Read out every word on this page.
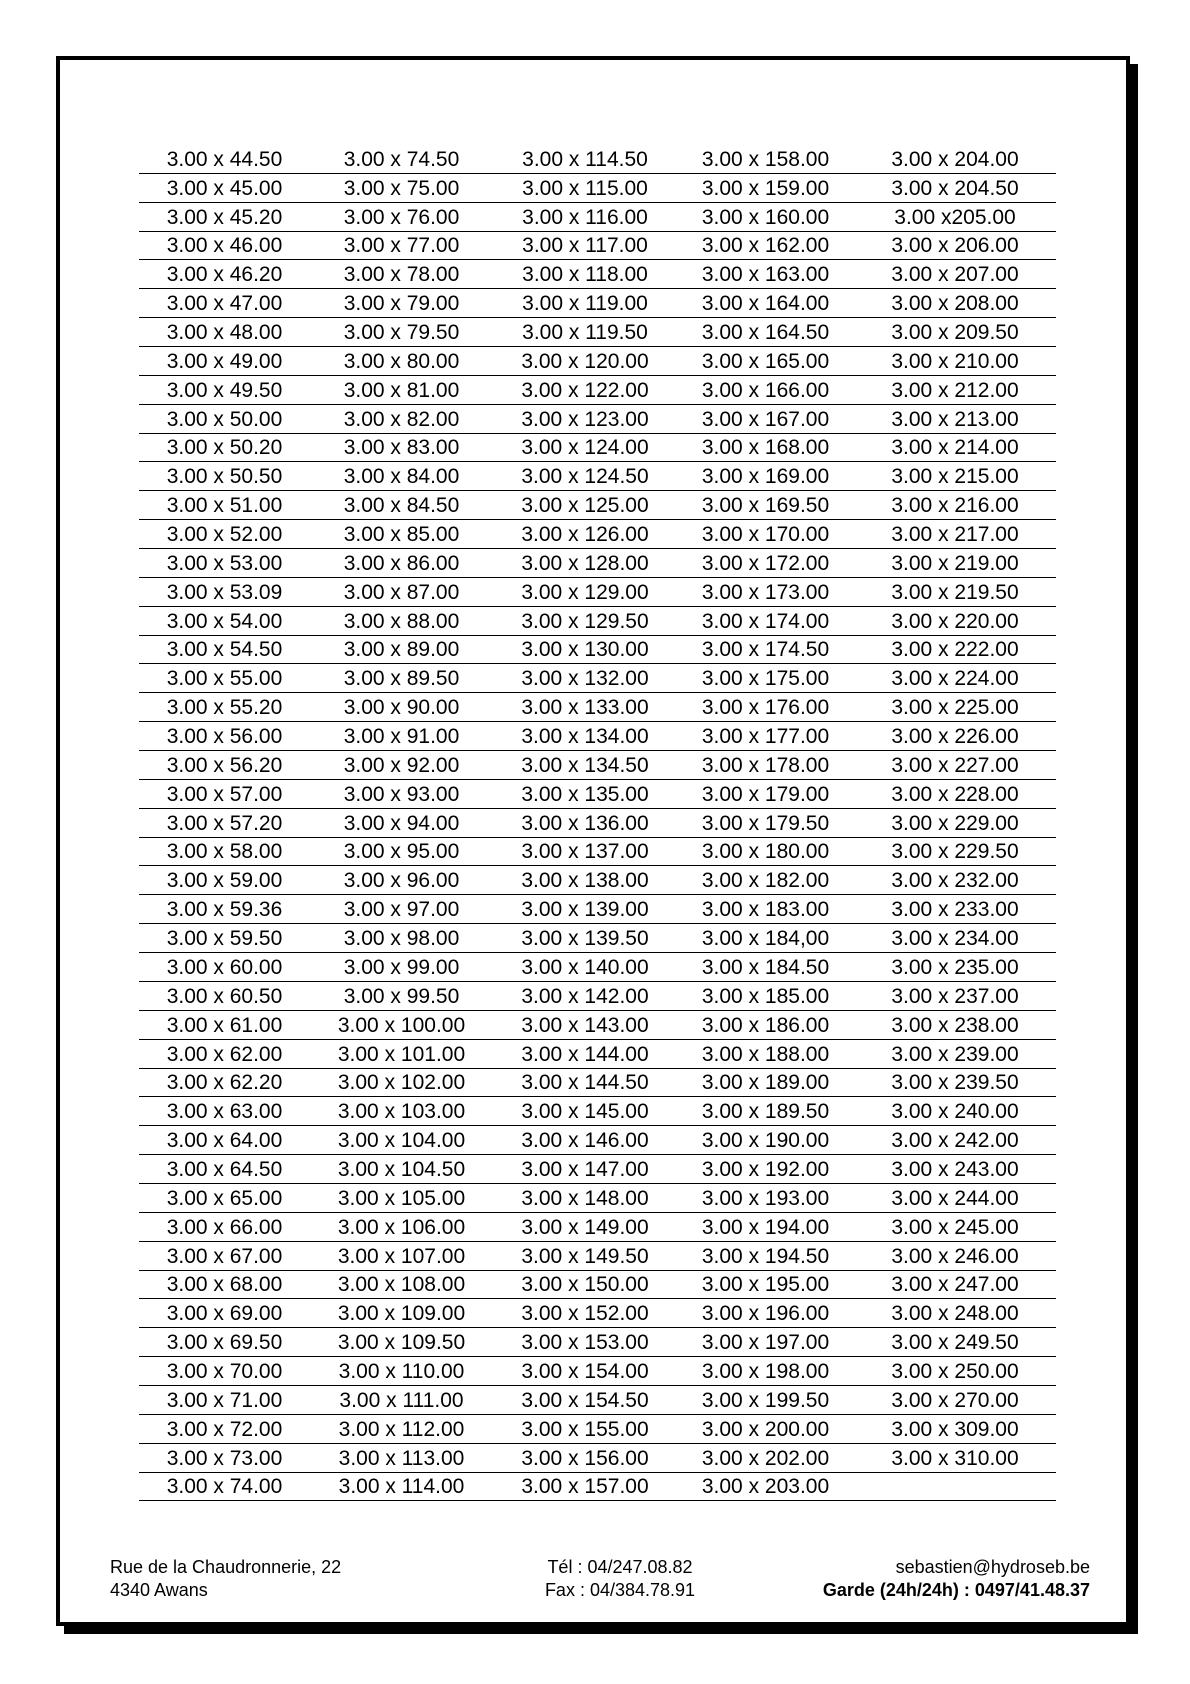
3.00 x 44.50	3.00 x 74.50	3.00 x 114.50	3.00 x 158.00	3.00 x 204.00
3.00 x 45.00	3.00 x 75.00	3.00 x 115.00	3.00 x 159.00	3.00 x 204.50
3.00 x 45.20	3.00 x 76.00	3.00 x 116.00	3.00 x 160.00	3.00 x205.00
3.00 x 46.00	3.00 x 77.00	3.00 x 117.00	3.00 x 162.00	3.00 x 206.00
3.00 x 46.20	3.00 x 78.00	3.00 x 118.00	3.00 x 163.00	3.00 x 207.00
3.00 x 47.00	3.00 x 79.00	3.00 x 119.00	3.00 x 164.00	3.00 x 208.00
3.00 x 48.00	3.00 x 79.50	3.00 x 119.50	3.00 x 164.50	3.00 x 209.50
3.00 x 49.00	3.00 x 80.00	3.00 x 120.00	3.00 x 165.00	3.00 x 210.00
3.00 x 49.50	3.00 x 81.00	3.00 x 122.00	3.00 x 166.00	3.00 x 212.00
3.00 x 50.00	3.00 x 82.00	3.00 x 123.00	3.00 x 167.00	3.00 x 213.00
3.00 x 50.20	3.00 x 83.00	3.00 x 124.00	3.00 x 168.00	3.00 x 214.00
3.00 x 50.50	3.00 x 84.00	3.00 x 124.50	3.00 x 169.00	3.00 x 215.00
3.00 x 51.00	3.00 x 84.50	3.00 x 125.00	3.00 x 169.50	3.00 x 216.00
3.00 x 52.00	3.00 x 85.00	3.00 x 126.00	3.00 x 170.00	3.00 x 217.00
3.00 x 53.00	3.00 x 86.00	3.00 x 128.00	3.00 x 172.00	3.00 x 219.00
3.00 x 53.09	3.00 x 87.00	3.00 x 129.00	3.00 x 173.00	3.00 x 219.50
3.00 x 54.00	3.00 x 88.00	3.00 x 129.50	3.00 x 174.00	3.00 x 220.00
3.00 x 54.50	3.00 x 89.00	3.00 x 130.00	3.00 x 174.50	3.00 x 222.00
3.00 x 55.00	3.00 x 89.50	3.00 x 132.00	3.00 x 175.00	3.00 x 224.00
3.00 x 55.20	3.00 x 90.00	3.00 x 133.00	3.00 x 176.00	3.00 x 225.00
3.00 x 56.00	3.00 x 91.00	3.00 x 134.00	3.00 x 177.00	3.00 x 226.00
3.00 x 56.20	3.00 x 92.00	3.00 x 134.50	3.00 x 178.00	3.00 x 227.00
3.00 x 57.00	3.00 x 93.00	3.00 x 135.00	3.00 x 179.00	3.00 x 228.00
3.00 x 57.20	3.00 x 94.00	3.00 x 136.00	3.00 x 179.50	3.00 x 229.00
3.00 x 58.00	3.00 x 95.00	3.00 x 137.00	3.00 x 180.00	3.00 x 229.50
3.00 x 59.00	3.00 x 96.00	3.00 x 138.00	3.00 x 182.00	3.00 x 232.00
3.00 x 59.36	3.00 x 97.00	3.00 x 139.00	3.00 x 183.00	3.00 x 233.00
3.00 x 59.50	3.00 x 98.00	3.00 x 139.50	3.00 x 184,00	3.00 x 234.00
3.00 x 60.00	3.00 x 99.00	3.00 x 140.00	3.00 x 184.50	3.00 x 235.00
3.00 x 60.50	3.00 x 99.50	3.00 x 142.00	3.00 x 185.00	3.00 x 237.00
3.00 x 61.00	3.00 x 100.00	3.00 x 143.00	3.00 x 186.00	3.00 x 238.00
3.00 x 62.00	3.00 x 101.00	3.00 x 144.00	3.00 x 188.00	3.00 x 239.00
3.00 x 62.20	3.00 x 102.00	3.00 x 144.50	3.00 x 189.00	3.00 x 239.50
3.00 x 63.00	3.00 x 103.00	3.00 x 145.00	3.00 x 189.50	3.00 x 240.00
3.00 x 64.00	3.00 x 104.00	3.00 x 146.00	3.00 x 190.00	3.00 x 242.00
3.00 x 64.50	3.00 x 104.50	3.00 x 147.00	3.00 x 192.00	3.00 x 243.00
3.00 x 65.00	3.00 x 105.00	3.00 x 148.00	3.00 x 193.00	3.00 x 244.00
3.00 x 66.00	3.00 x 106.00	3.00 x 149.00	3.00 x 194.00	3.00 x 245.00
3.00 x 67.00	3.00 x 107.00	3.00 x 149.50	3.00 x 194.50	3.00 x 246.00
3.00 x 68.00	3.00 x 108.00	3.00 x 150.00	3.00 x 195.00	3.00 x 247.00
3.00 x 69.00	3.00 x 109.00	3.00 x 152.00	3.00 x 196.00	3.00 x 248.00
3.00 x 69.50	3.00 x 109.50	3.00 x 153.00	3.00 x 197.00	3.00 x 249.50
3.00 x 70.00	3.00 x 110.00	3.00 x 154.00	3.00 x 198.00	3.00 x 250.00
3.00 x 71.00	3.00 x 111.00	3.00 x 154.50	3.00 x 199.50	3.00 x 270.00
3.00 x 72.00	3.00 x 112.00	3.00 x 155.00	3.00 x 200.00	3.00 x 309.00
3.00 x 73.00	3.00 x 113.00	3.00 x 156.00	3.00 x 202.00	3.00 x 310.00
3.00 x 74.00	3.00 x 114.00	3.00 x 157.00	3.00 x 203.00	
Rue de la Chaudronnerie, 22
4340 Awans
Tél : 04/247.08.82
Fax : 04/384.78.91
sebastien@hydroseb.be
Garde (24h/24h) : 0497/41.48.37
